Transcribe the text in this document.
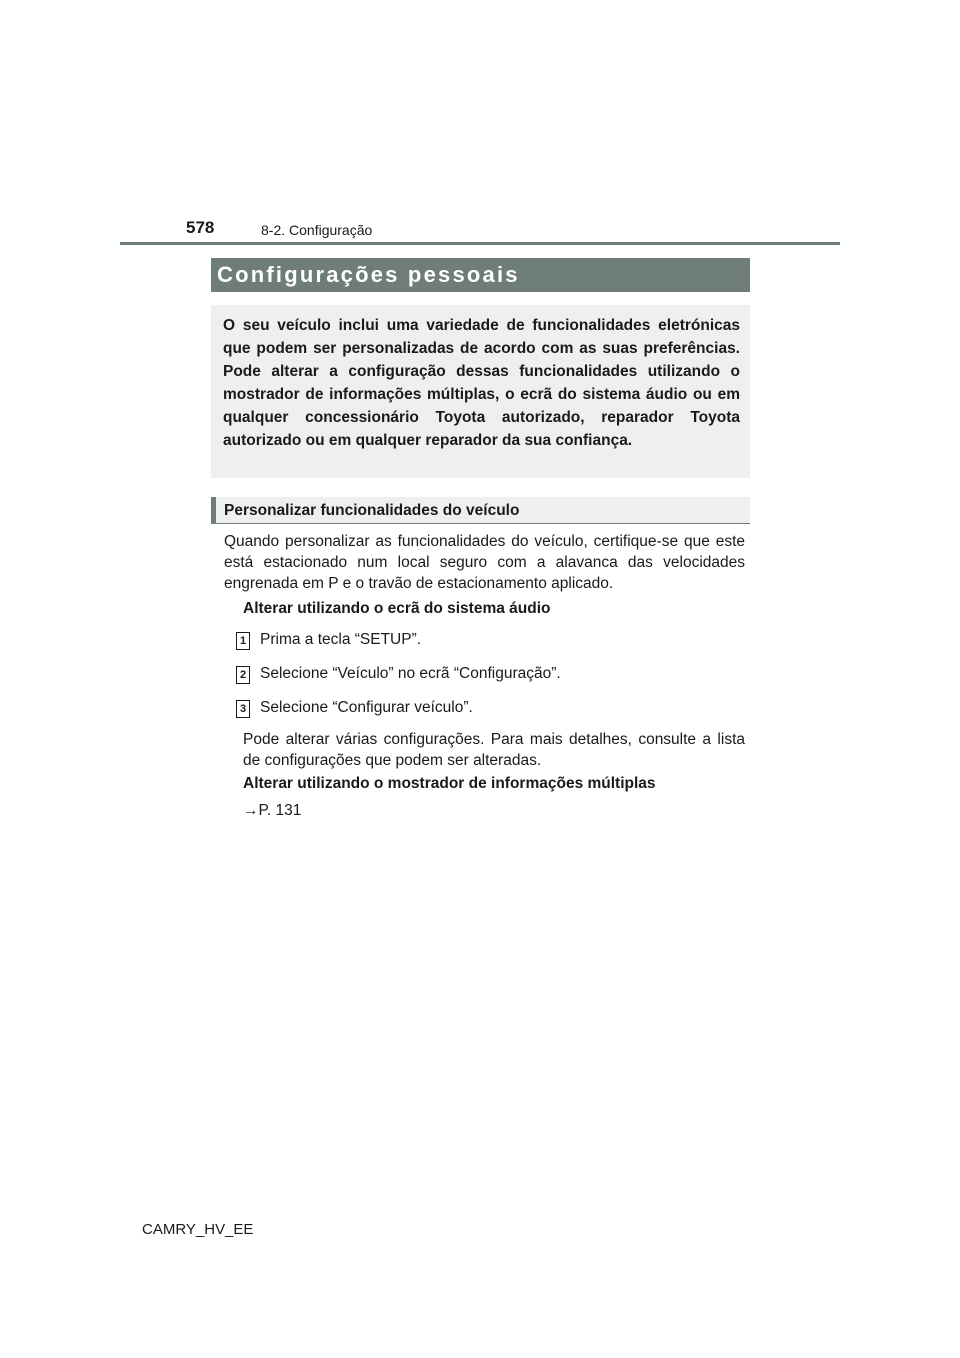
578	8-2. Configuração
Configurações pessoais
O seu veículo inclui uma variedade de funcionalidades eletrónicas que podem ser personalizadas de acordo com as suas preferências. Pode alterar a configuração dessas funcionalidades utilizando o mostrador de informações múltiplas, o ecrã do sistema áudio ou em qualquer concessionário Toyota autorizado, reparador Toyota autorizado ou em qualquer reparador da sua confiança.
Personalizar funcionalidades do veículo
Quando personalizar as funcionalidades do veículo, certifique-se que este está estacionado num local seguro com a alavanca das velocidades engrenada em P e o travão de estacionamento aplicado.
Alterar utilizando o ecrã do sistema áudio
1 Prima a tecla “SETUP”.
2 Selecione “Veículo” no ecrã “Configuração”.
3 Selecione “Configurar veículo”.
Pode alterar várias configurações. Para mais detalhes, consulte a lista de configurações que podem ser alteradas.
Alterar utilizando o mostrador de informações múltiplas
→P. 131
CAMRY_HV_EE
